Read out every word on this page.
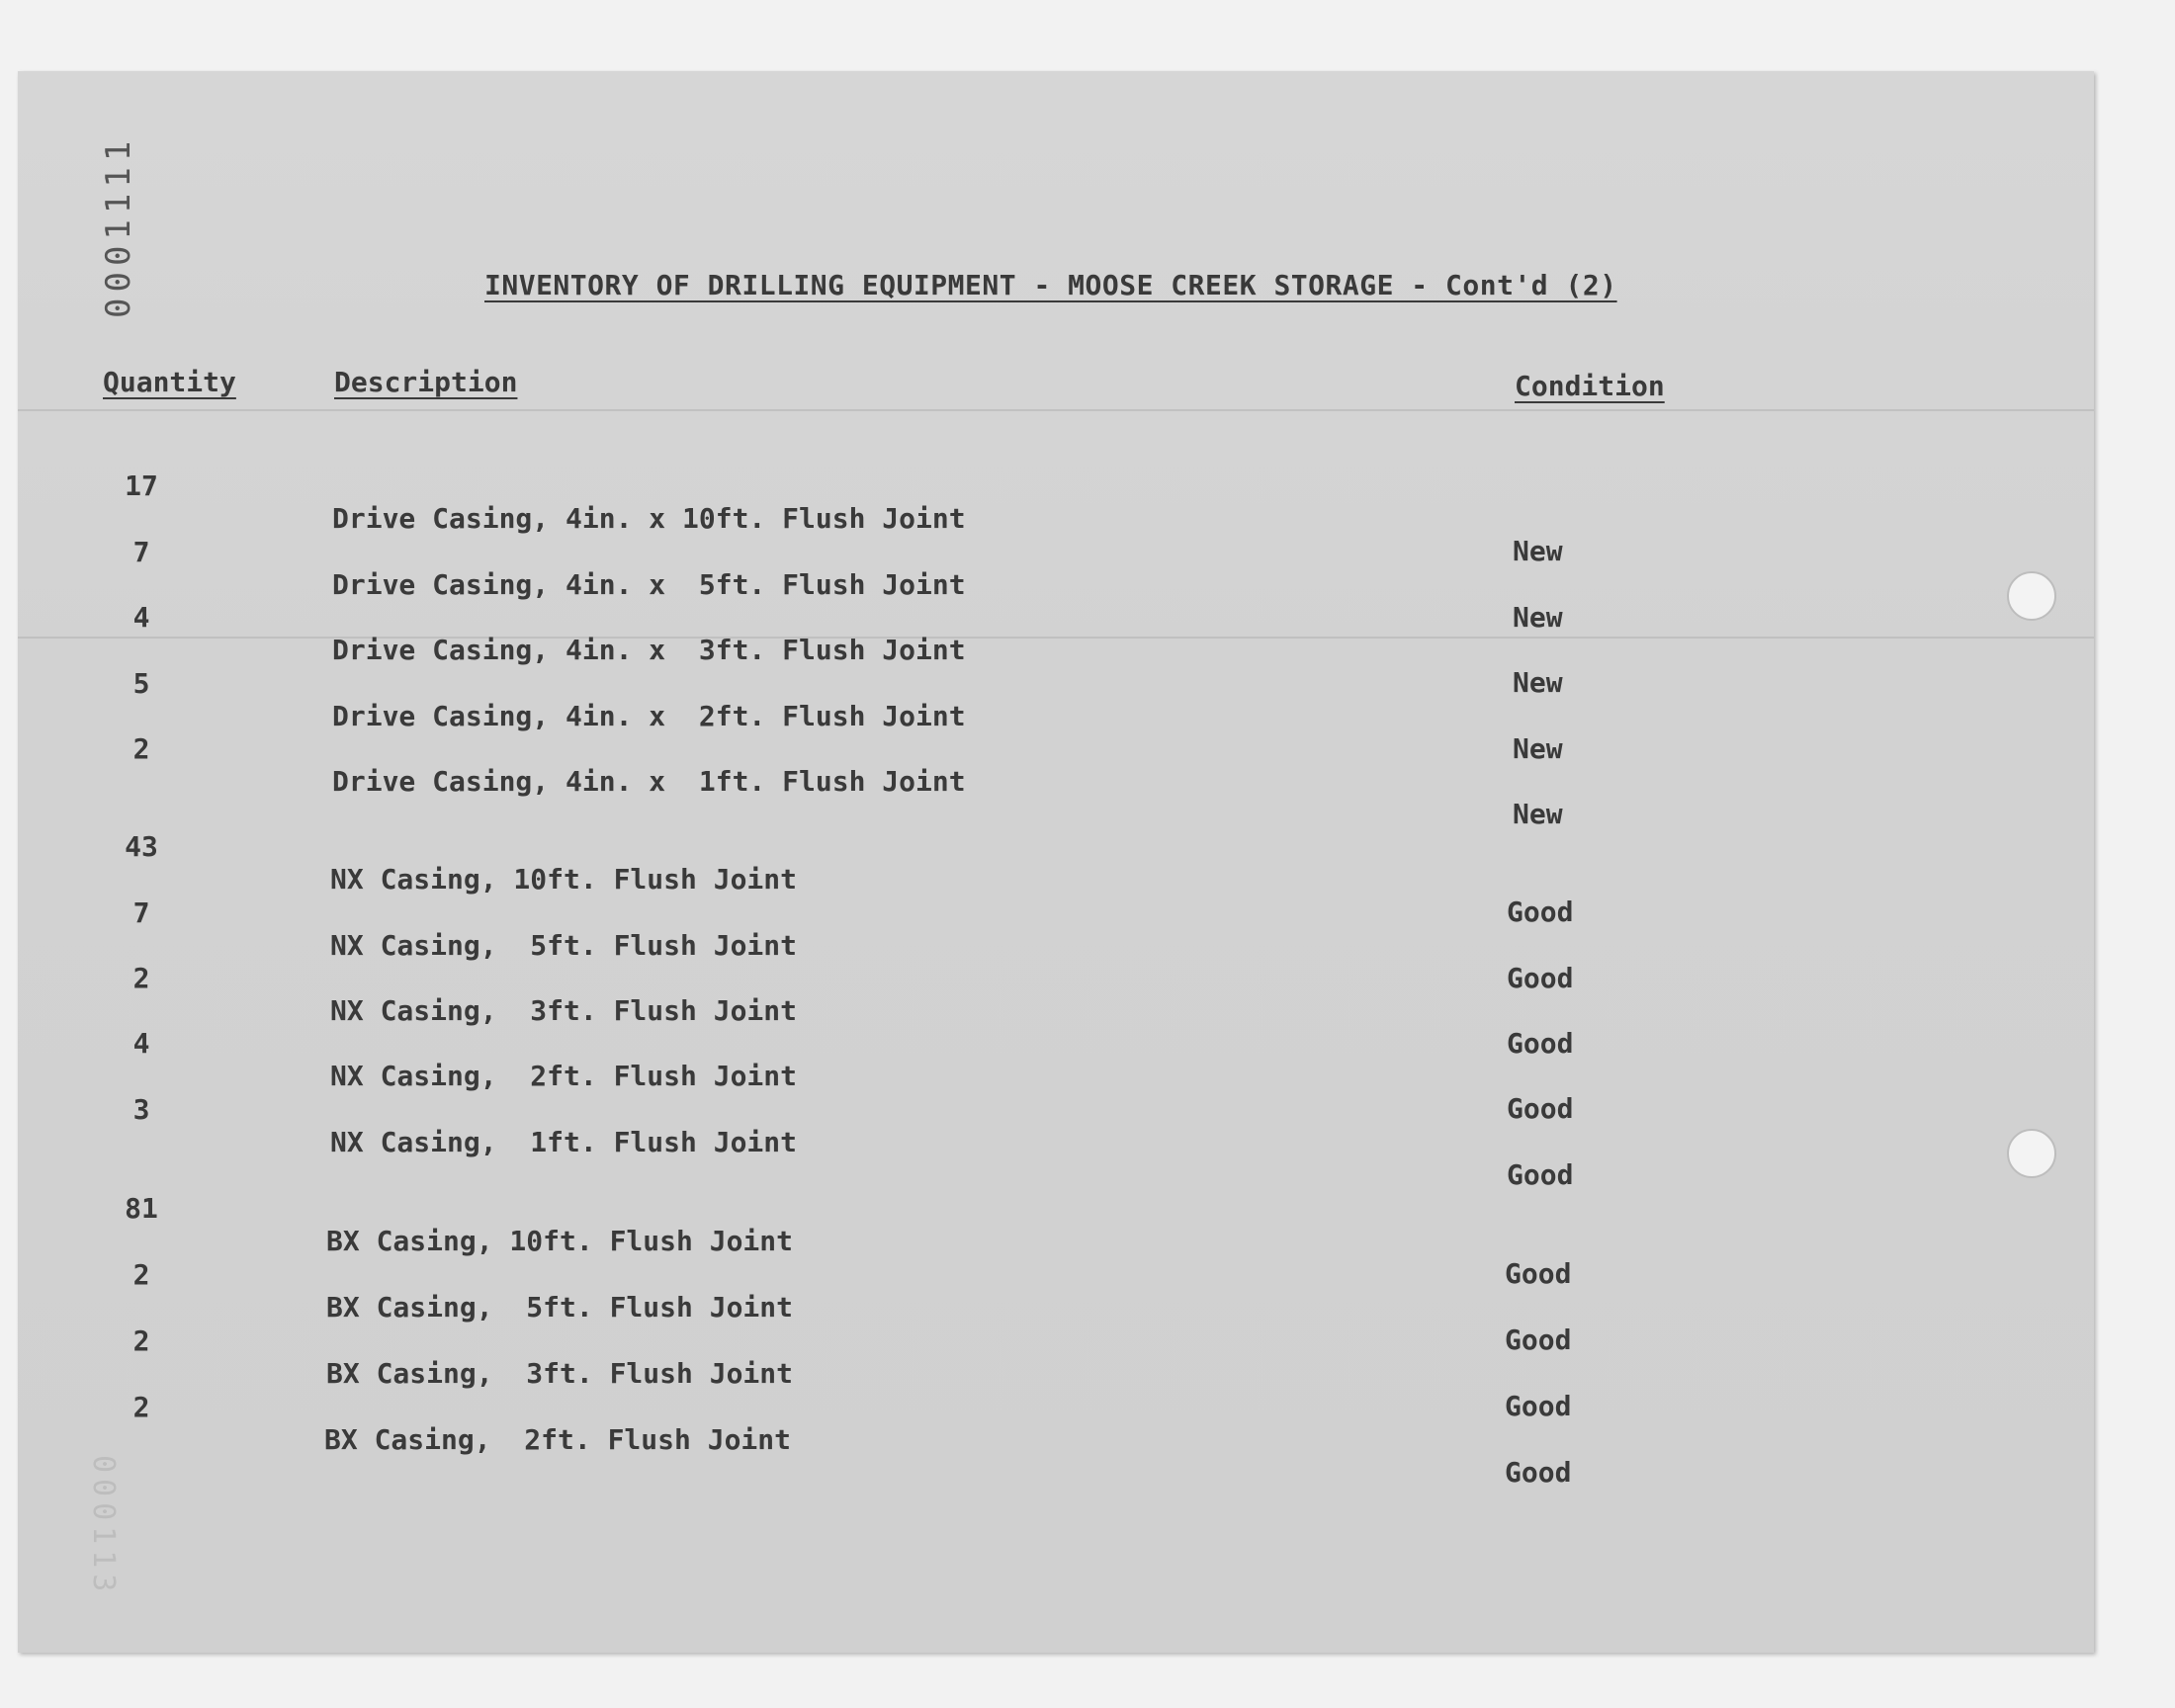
0001111
000113
INVENTORY OF DRILLING EQUIPMENT - MOOSE CREEK STORAGE - Cont'd (2)
Quantity	Description	Condition

17

Drive Casing, 4in. x 10ft. Flush Joint

New

7

Drive Casing, 4in. x  5ft. Flush Joint

New

4

Drive Casing, 4in. x  3ft. Flush Joint

New

5

Drive Casing, 4in. x  2ft. Flush Joint

New

2

Drive Casing, 4in. x  1ft. Flush Joint

New

43

NX Casing, 10ft. Flush Joint

Good

7

NX Casing,  5ft. Flush Joint

Good

2

NX Casing,  3ft. Flush Joint

Good

4

NX Casing,  2ft. Flush Joint

Good

3

NX Casing,  1ft. Flush Joint

Good

81

BX Casing, 10ft. Flush Joint

Good

2

BX Casing,  5ft. Flush Joint

Good

2

BX Casing,  3ft. Flush Joint

Good

2

BX Casing,  2ft. Flush Joint

Good
